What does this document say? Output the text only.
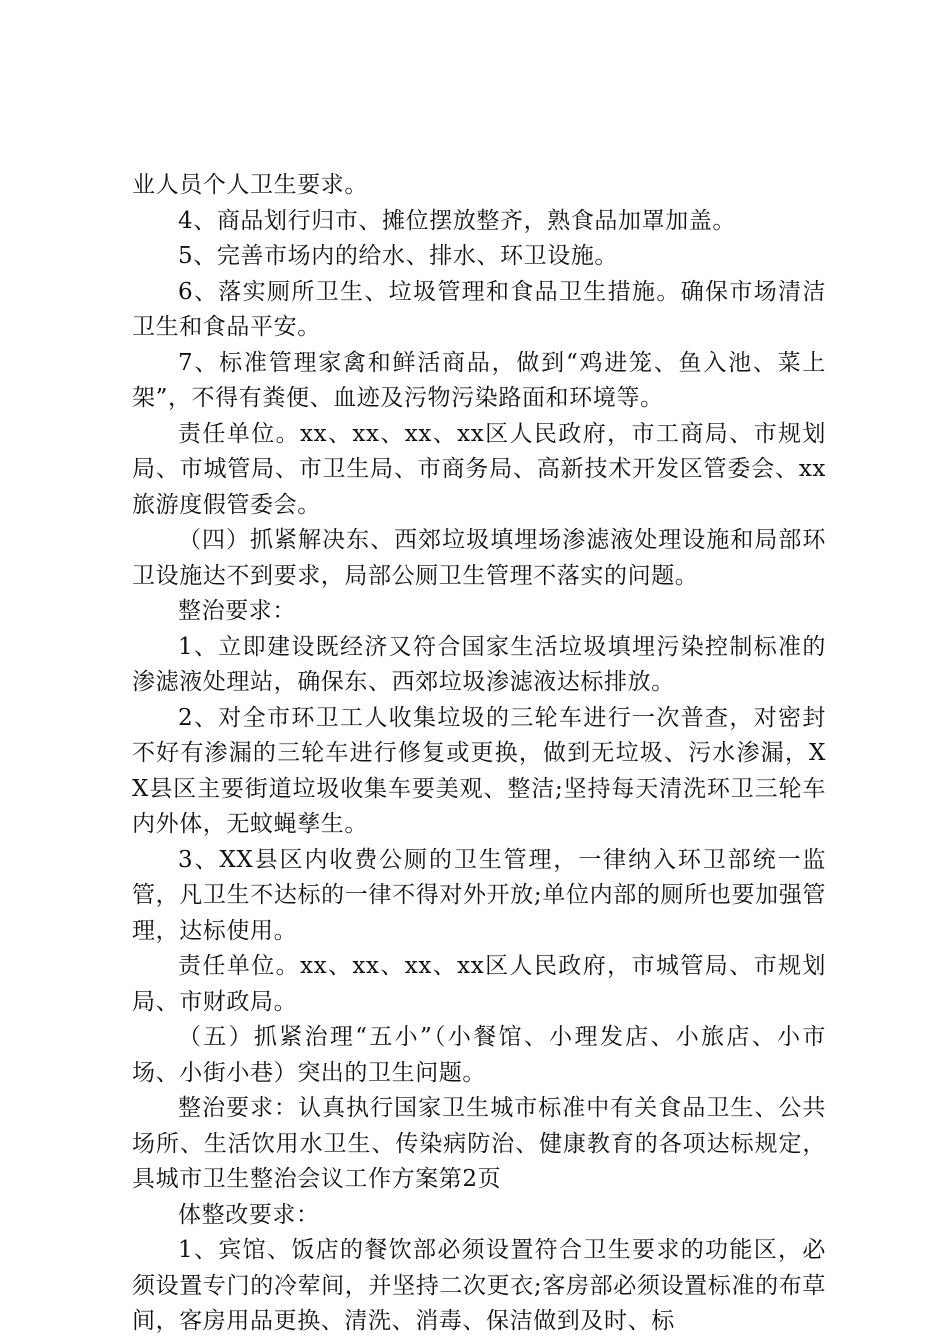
业人员个人卫生要求。

4、商品划行归市、摊位摆放整齐，熟食品加罩加盖。

5、完善市场内的给水、排水、环卫设施。

6、落实厕所卫生、垃圾管理和食品卫生措施。确保市场清洁卫生和食品平安。

7、标准管理家禽和鲜活商品，做到“鸡进笼、鱼入池、菜上架”，不得有粪便、血迹及污物污染路面和环境等。

责任单位。xx、xx、xx、xx区人民政府，市工商局、市规划局、市城管局、市卫生局、市商务局、高新技术开发区管委会、xx旅游度假管委会。

（四）抓紧解决东、西郊垃圾填埋场渗滤液处理设施和局部环卫设施达不到要求，局部公厕卫生管理不落实的问题。

整治要求：

1、立即建设既经济又符合国家生活垃圾填埋污染控制标准的渗滤液处理站，确保东、西郊垃圾渗滤液达标排放。

2、对全市环卫工人收集垃圾的三轮车进行一次普查，对密封不好有渗漏的三轮车进行修复或更换，做到无垃圾、污水渗漏，XX县区主要街道垃圾收集车要美观、整洁;坚持每天清洗环卫三轮车内外体，无蚊蝇孳生。

3、XX县区内收费公厕的卫生管理，一律纳入环卫部统一监管，凡卫生不达标的一律不得对外开放;单位内部的厕所也要加强管理，达标使用。

责任单位。xx、xx、xx、xx区人民政府，市城管局、市规划局、市财政局。

（五）抓紧治理“五小”（小餐馆、小理发店、小旅店、小市场、小街小巷）突出的卫生问题。

整治要求：认真执行国家卫生城市标准中有关食品卫生、公共场所、生活饮用水卫生、传染病防治、健康教育的各项达标规定，具城市卫生整治会议工作方案第2页

体整改要求：

1、宾馆、饭店的餐饮部必须设置符合卫生要求的功能区，必须设置专门的冷荤间，并坚持二次更衣;客房部必须设置标准的布草间，客房用品更换、清洗、消毒、保洁做到及时、标
